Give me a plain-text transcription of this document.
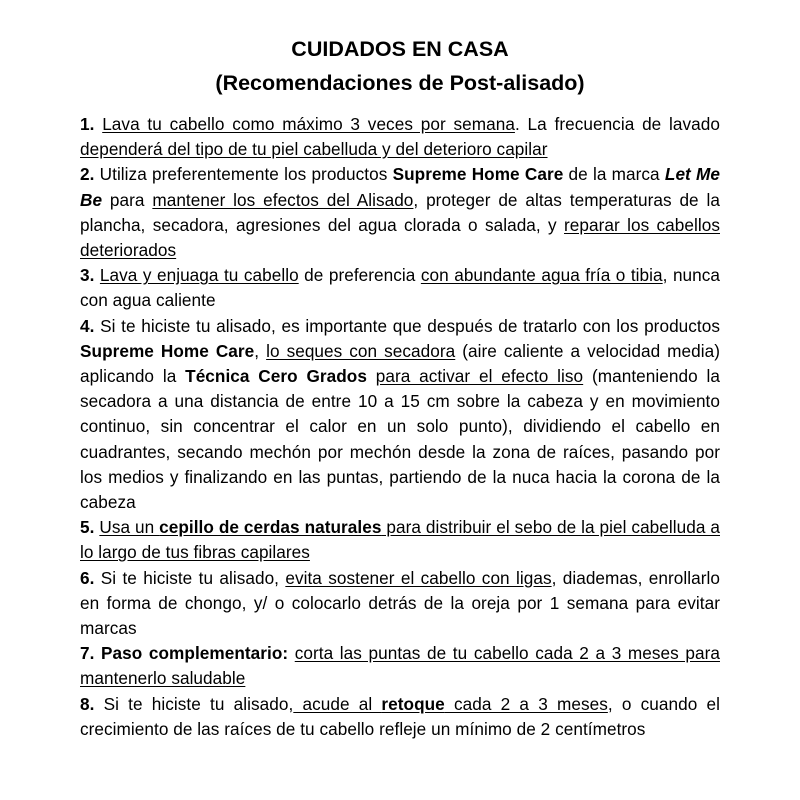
CUIDADOS EN CASA
(Recomendaciones de Post-alisado)

1. Lava tu cabello como máximo 3 veces por semana. La frecuencia de lavado dependerá del tipo de tu piel cabelluda y del deterioro capilar

2. Utiliza preferentemente los productos Supreme Home Care de la marca Let Me Be para mantener los efectos del Alisado, proteger de altas temperaturas de la plancha, secadora, agresiones del agua clorada o salada, y reparar los cabellos deteriorados

3. Lava y enjuaga tu cabello de preferencia con abundante agua fría o tibia, nunca con agua caliente

4. Si te hiciste tu alisado, es importante que después de tratarlo con los productos Supreme Home Care, lo seques con secadora (aire caliente a velocidad media) aplicando la Técnica Cero Grados para activar el efecto liso (manteniendo la secadora a una distancia de entre 10 a 15 cm sobre la cabeza y en movimiento continuo, sin concentrar el calor en un solo punto), dividiendo el cabello en cuadrantes, secando mechón por mechón desde la zona de raíces, pasando por los medios y finalizando en las puntas, partiendo de la nuca hacia la corona de la cabeza

5. Usa un cepillo de cerdas naturales para distribuir el sebo de la piel cabelluda a lo largo de tus fibras capilares

6. Si te hiciste tu alisado, evita sostener el cabello con ligas, diademas, enrollarlo en forma de chongo, y/ o colocarlo detrás de la oreja por 1 semana para evitar marcas

7. Paso complementario: corta las puntas de tu cabello cada 2 a 3 meses para mantenerlo saludable

8. Si te hiciste tu alisado, acude al retoque cada 2 a 3 meses, o cuando el crecimiento de las raíces de tu cabello refleje un mínimo de 2 centímetros
